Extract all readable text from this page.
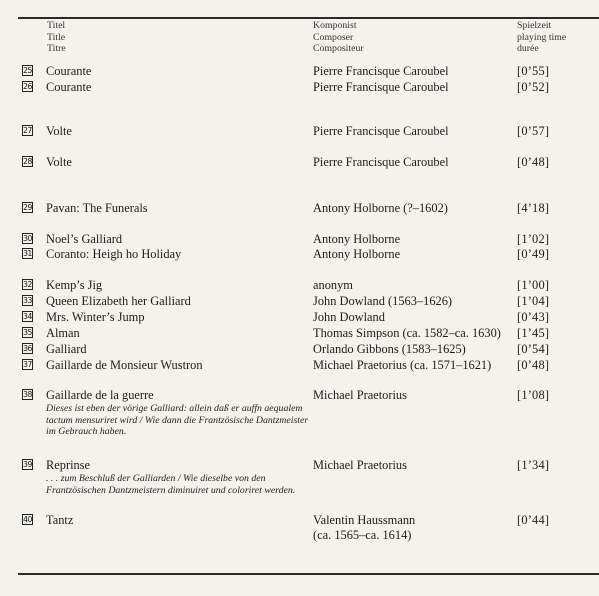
Titel
Title
Titre
Komponist
Composer
Compositeur
Spielzeit
playing time
durée
25 Courante	Pierre Francisque Caroubel	[0’55]
26 Courante	Pierre Francisque Caroubel	[0’52]
27 Volte	Pierre Francisque Caroubel	[0’57]
28 Volte	Pierre Francisque Caroubel	[0’48]
29 Pavan: The Funerals	Antony Holborne (?–1602)	[4’18]
30 Noel’s Galliard	Antony Holborne	[1’02]
31 Coranto: Heigh ho Holiday	Antony Holborne	[0’49]
32 Kemp’s Jig	anonym	[1’00]
33 Queen Elizabeth her Galliard	John Dowland (1563–1626)	[1’04]
34 Mrs. Winter’s Jump	John Dowland	[0’43]
35 Alman	Thomas Simpson (ca. 1582–ca. 1630) [1’45]
36 Galliard	Orlando Gibbons (1583–1625)	[0’54]
37 Gaillarde de Monsieur Wustron	Michael Praetorius (ca. 1571–1621) [0’48]
38 Gaillarde de la guerre
Dieses ist eben der vörige Galliard: allein daß er auffn aequalem tactum mensuriret wird / Wie dann die Frantzösische Dantzmeister im Gebrauch haben.
Michael Praetorius	[1’08]
39 Reprinse
. . . zum Beschluß der Galliarden / Wie dieselbe von den Frantzösischen Dantzmeistern diminuiret und coloriret werden.
Michael Praetorius	[1’34]
40 Tantz	Valentin Haussmann
(ca. 1565–ca. 1614)
[0’44]
